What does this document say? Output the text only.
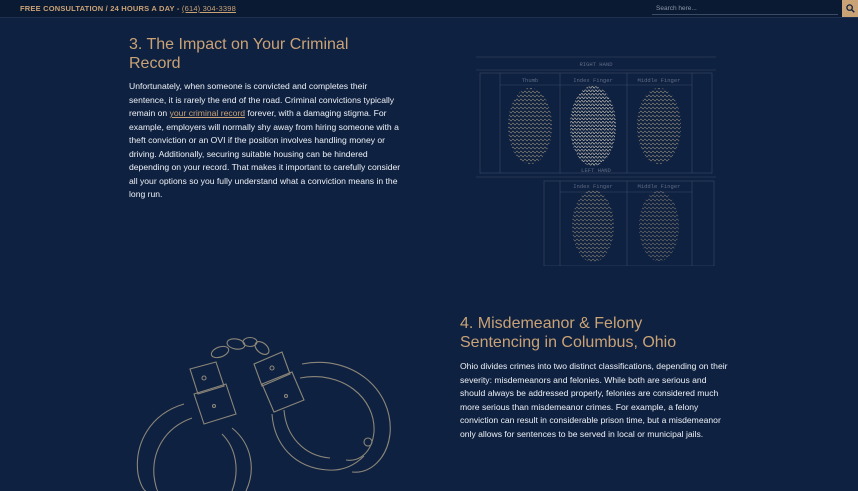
FREE CONSULTATION / 24 HOURS A DAY - (614) 304-3398
Search here...
3. The Impact on Your Criminal Record

Unfortunately, when someone is convicted and completes their sentence, it is rarely the end of the road. Criminal convictions typically remain on your criminal record forever, with a damaging stigma. For example, employers will normally shy away from hiring someone with a theft conviction or an OVI if the position involves handling money or driving. Additionally, securing suitable housing can be hindered depending on your record. That makes it important to carefully consider all your options so you fully understand what a conviction means in the long run.

RIGHT HAND
Thumb	Index Finger	Middle Finger
LEFT HAND
Index Finger	Middle Finger
4. Misdemeanor & Felony Sentencing in Columbus, Ohio

Ohio divides crimes into two distinct classifications, depending on their severity: misdemeanors and felonies. While both are serious and should always be addressed properly, felonies are considered much more serious than misdemeanor crimes. For example, a felony conviction can result in considerable prison time, but a misdemeanor only allows for sentences to be served in local or municipal jails.
